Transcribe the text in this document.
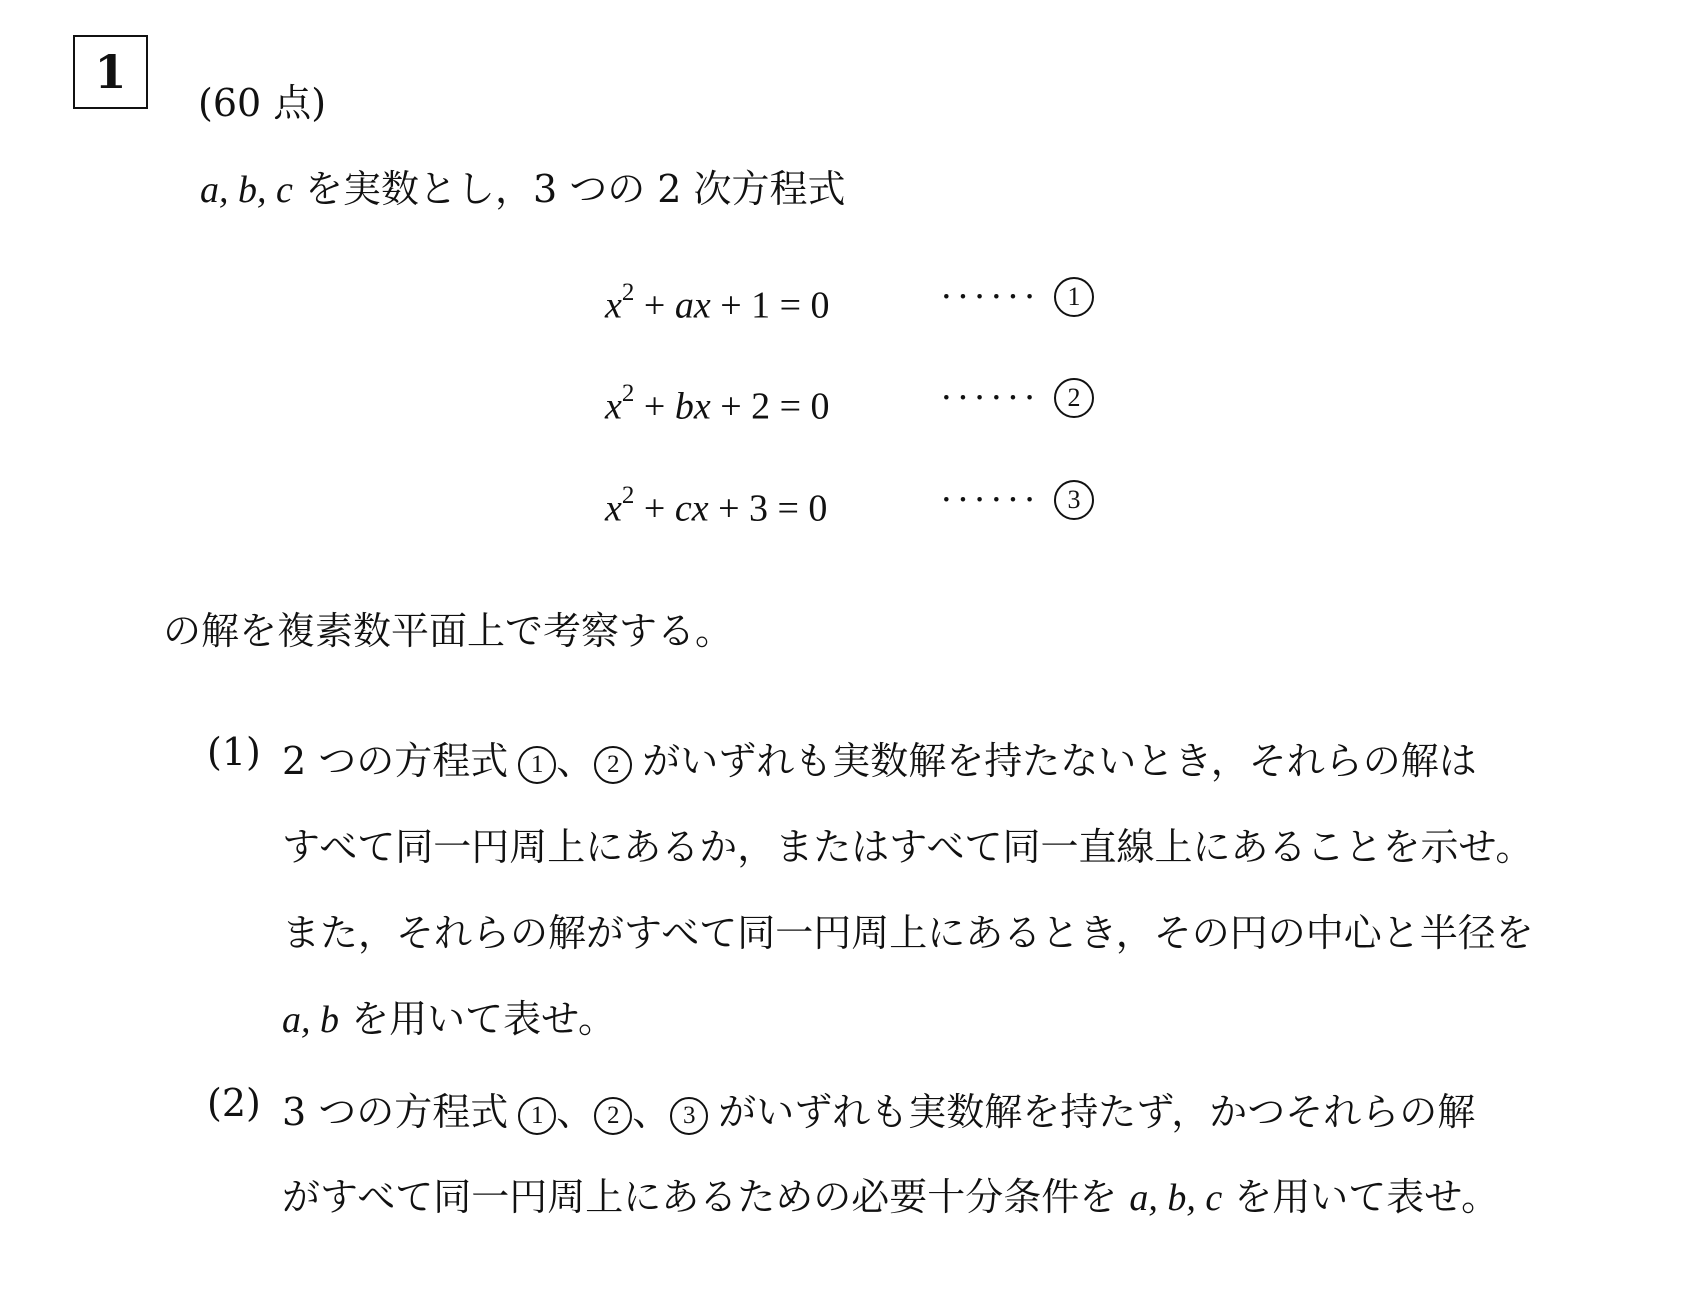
1
(60 点)
a, b, c を実数とし，3 つの 2 次方程式
$x^2$ + ax + 1 = 0	······	1
$x^2$ + bx + 2 = 0	······	2
$x^2$ + cx + 3 = 0	······	3
の解を複素数平面上で考察する。
(1) 2 つの方程式 1 、 2 がいずれも実数解を持たないとき，それらの解は
すべて同一円周上にあるか，またはすべて同一直線上にあることを示せ。
また，それらの解がすべて同一円周上にあるとき，その円の中心と半径を
a, b を用いて表せ。
(2) 3 つの方程式 1 、 2 、 3 がいずれも実数解を持たず，かつそれらの解
がすべて同一円周上にあるための必要十分条件を a, b, c を用いて表せ。
